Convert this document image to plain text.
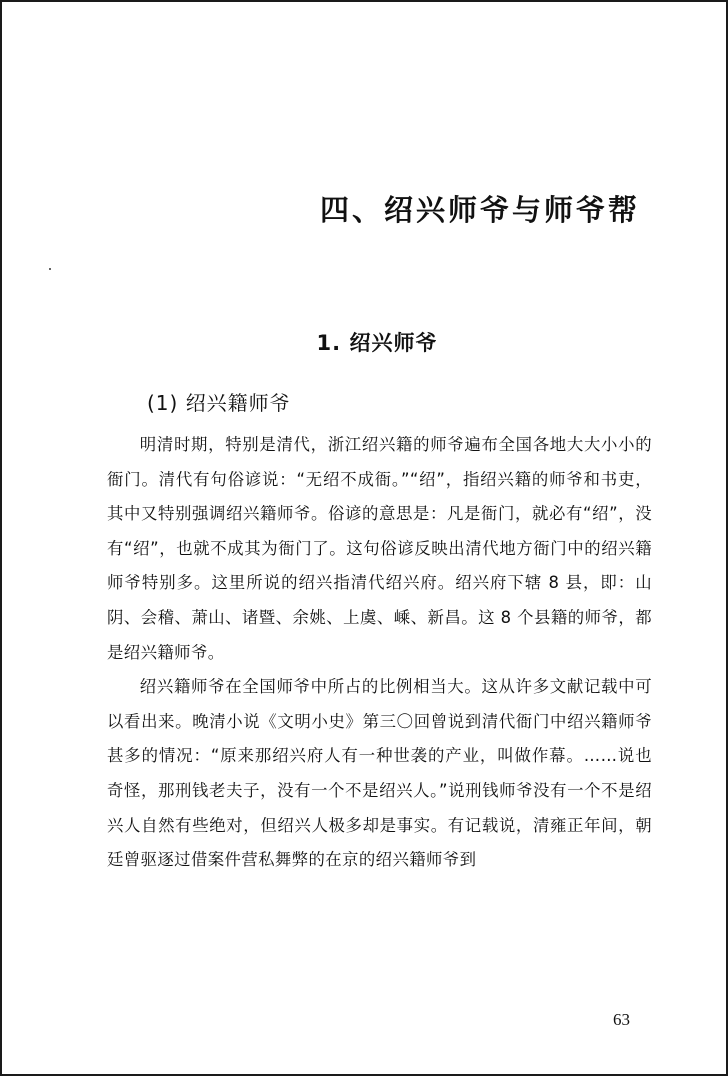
四、绍兴师爷与师爷帮
1. 绍兴师爷
(1) 绍兴籍师爷

明清时期，特别是清代，浙江绍兴籍的师爷遍布全国各地大大小小的衙门。清代有句俗谚说：“无绍不成衙。”“绍”，指绍兴籍的师爷和书吏，其中又特别强调绍兴籍师爷。俗谚的意思是：凡是衙门，就必有“绍”，没有“绍”，也就不成其为衙门了。这句俗谚反映出清代地方衙门中的绍兴籍师爷特别多。这里所说的绍兴指清代绍兴府。绍兴府下辖 8 县，即：山阴、会稽、萧山、诸暨、余姚、上虞、嵊、新昌。这 8 个县籍的师爷，都是绍兴籍师爷。

绍兴籍师爷在全国师爷中所占的比例相当大。这从许多文献记载中可以看出来。晚清小说《文明小史》第三〇回曾说到清代衙门中绍兴籍师爷甚多的情况：“原来那绍兴府人有一种世袭的产业，叫做作幕。……说也奇怪，那刑钱老夫子，没有一个不是绍兴人。”说刑钱师爷没有一个不是绍兴人自然有些绝对，但绍兴人极多却是事实。有记载说，清雍正年间，朝廷曾驱逐过借案件营私舞弊的在京的绍兴籍师爷到

63
